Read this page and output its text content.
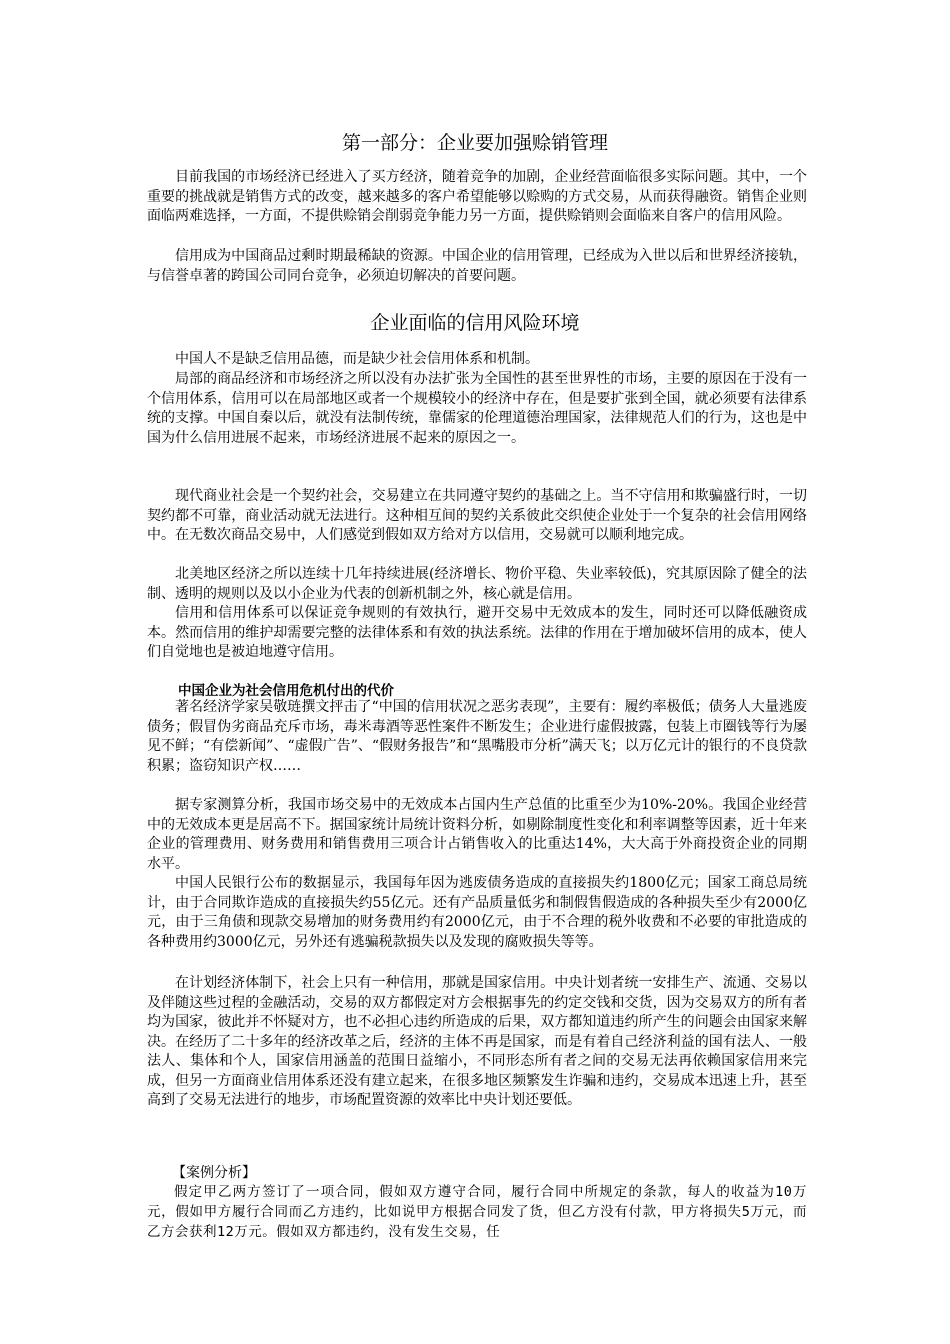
第一部分：企业要加强赊销管理

目前我国的市场经济已经进入了买方经济，随着竞争的加剧，企业经营面临很多实际问题。其中，一个重要的挑战就是销售方式的改变，越来越多的客户希望能够以赊购的方式交易，从而获得融资。销售企业则面临两难选择，一方面，不提供赊销会削弱竞争能力另一方面，提供赊销则会面临来自客户的信用风险。

信用成为中国商品过剩时期最稀缺的资源。中国企业的信用管理，已经成为入世以后和世界经济接轨，与信誉卓著的跨国公司同台竞争，必须迫切解决的首要问题。

企业面临的信用风险环境

中国人不是缺乏信用品德，而是缺少社会信用体系和机制。

局部的商品经济和市场经济之所以没有办法扩张为全国性的甚至世界性的市场，主要的原因在于没有一个信用体系，信用可以在局部地区或者一个规模较小的经济中存在，但是要扩张到全国，就必须要有法律系统的支撑。中国自秦以后，就没有法制传统，靠儒家的伦理道德治理国家，法律规范人们的行为，这也是中国为什么信用进展不起来，市场经济进展不起来的原因之一。

现代商业社会是一个契约社会，交易建立在共同遵守契约的基础之上。当不守信用和欺骗盛行时，一切契约都不可靠，商业活动就无法进行。这种相互间的契约关系彼此交织使企业处于一个复杂的社会信用网络中。在无数次商品交易中，人们感觉到假如双方给对方以信用，交易就可以顺利地完成。

北美地区经济之所以连续十几年持续进展(经济增长、物价平稳、失业率较低)，究其原因除了健全的法制、透明的规则以及以小企业为代表的创新机制之外，核心就是信用。

信用和信用体系可以保证竞争规则的有效执行，避开交易中无效成本的发生，同时还可以降低融资成本。然而信用的维护却需要完整的法律体系和有效的执法系统。法律的作用在于增加破坏信用的成本，使人们自觉地也是被迫地遵守信用。

中国企业为社会信用危机付出的代价

著名经济学家吴敬琏撰文抨击了“中国的信用状况之恶劣表现”，主要有：履约率极低；债务人大量逃废债务；假冒伪劣商品充斥市场，毒米毒酒等恶性案件不断发生；企业进行虚假披露，包装上市圈钱等行为屡见不鲜；“有偿新闻”、“虚假广告”、“假财务报告”和“黑嘴股市分析”满天飞；以万亿元计的银行的不良贷款积累；盗窃知识产权……

据专家测算分析，我国市场交易中的无效成本占国内生产总值的比重至少为10%-20%。我国企业经营中的无效成本更是居高不下。据国家统计局统计资料分析，如剔除制度性变化和利率调整等因素，近十年来企业的管理费用、财务费用和销售费用三项合计占销售收入的比重达14%，大大高于外商投资企业的同期水平。

中国人民银行公布的数据显示，我国每年因为逃废债务造成的直接损失约1800亿元；国家工商总局统计，由于合同欺诈造成的直接损失约55亿元。还有产品质量低劣和制假售假造成的各种损失至少有2000亿元，由于三角债和现款交易增加的财务费用约有2000亿元，由于不合理的税外收费和不必要的审批造成的各种费用约3000亿元，另外还有逃骗税款损失以及发现的腐败损失等等。

在计划经济体制下，社会上只有一种信用，那就是国家信用。中央计划者统一安排生产、流通、交易以及伴随这些过程的金融活动，交易的双方都假定对方会根据事先的约定交钱和交货，因为交易双方的所有者均为国家，彼此并不怀疑对方，也不必担心违约所造成的后果，双方都知道违约所产生的问题会由国家来解决。在经历了二十多年的经济改革之后，经济的主体不再是国家，而是有着自己经济利益的国有法人、一般法人、集体和个人，国家信用涵盖的范围日益缩小，不同形态所有者之间的交易无法再依赖国家信用来完成，但另一方面商业信用体系还没有建立起来，在很多地区频繁发生诈骗和违约，交易成本迅速上升，甚至高到了交易无法进行的地步，市场配置资源的效率比中央计划还要低。

【案例分析】

假定甲乙两方签订了一项合同，假如双方遵守合同，履行合同中所规定的条款，每人的收益为10万元，假如甲方履行合同而乙方违约，比如说甲方根据合同发了货，但乙方没有付款，甲方将损失5万元，而乙方会获利12万元。假如双方都违约，没有发生交易，任
